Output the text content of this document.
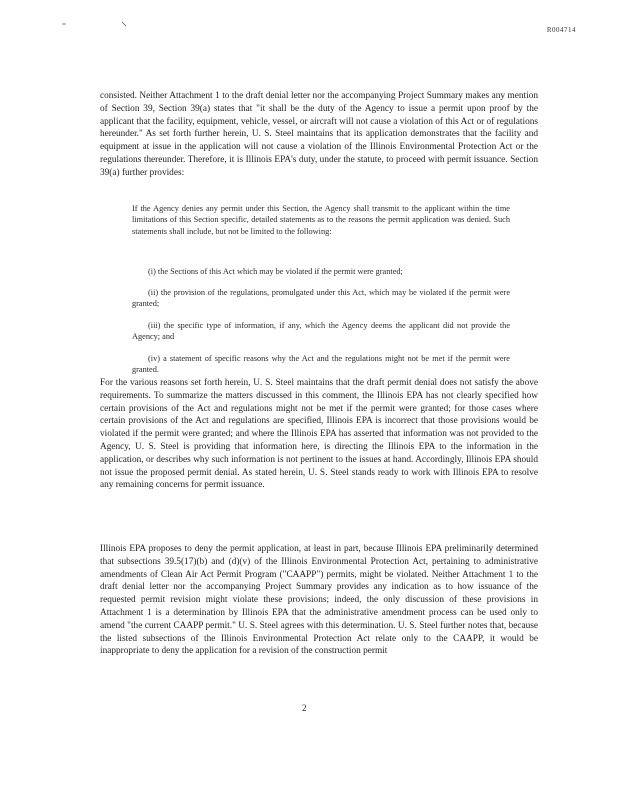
R004714

consisted. Neither Attachment 1 to the draft denial letter nor the accompanying Project Summary makes any mention of Section 39, Section 39(a) states that "it shall be the duty of the Agency to issue a permit upon proof by the applicant that the facility, equipment, vehicle, vessel, or aircraft will not cause a violation of this Act or of regulations hereunder." As set forth further herein, U. S. Steel maintains that its application demonstrates that the facility and equipment at issue in the application will not cause a violation of the Illinois Environmental Protection Act or the regulations thereunder. Therefore, it is Illinois EPA's duty, under the statute, to proceed with permit issuance. Section 39(a) further provides:

If the Agency denies any permit under this Section, the Agency shall transmit to the applicant within the time limitations of this Section specific, detailed statements as to the reasons the permit application was denied. Such statements shall include, but not be limited to the following:

(i) the Sections of this Act which may be violated if the permit were granted;

(ii) the provision of the regulations, promulgated under this Act, which may be violated if the permit were granted;

(iii) the specific type of information, if any, which the Agency deems the applicant did not provide the Agency; and

(iv) a statement of specific reasons why the Act and the regulations might not be met if the permit were granted.

For the various reasons set forth herein, U. S. Steel maintains that the draft permit denial does not satisfy the above requirements. To summarize the matters discussed in this comment, the Illinois EPA has not clearly specified how certain provisions of the Act and regulations might not be met if the permit were granted; for those cases where certain provisions of the Act and regulations are specified, Illinois EPA is incorrect that those provisions would be violated if the permit were granted; and where the Illinois EPA has asserted that information was not provided to the Agency, U. S. Steel is providing that information here, is directing the Illinois EPA to the information in the application, or describes why such information is not pertinent to the issues at hand. Accordingly, Illinois EPA should not issue the proposed permit denial. As stated herein, U. S. Steel stands ready to work with Illinois EPA to resolve any remaining concerns for permit issuance.

Illinois EPA proposes to deny the permit application, at least in part, because Illinois EPA preliminarily determined that subsections 39.5(17)(b) and (d)(v) of the Illinois Environmental Protection Act, pertaining to administrative amendments of Clean Air Act Permit Program ("CAAPP") permits, might be violated. Neither Attachment 1 to the draft denial letter nor the accompanying Project Summary provides any indication as to how issuance of the requested permit revision might violate these provisions; indeed, the only discussion of these provisions in Attachment 1 is a determination by Illinois EPA that the administrative amendment process can be used only to amend "the current CAAPP permit." U. S. Steel agrees with this determination. U. S. Steel further notes that, because the listed subsections of the Illinois Environmental Protection Act relate only to the CAAPP, it would be inappropriate to deny the application for a revision of the construction permit

2
